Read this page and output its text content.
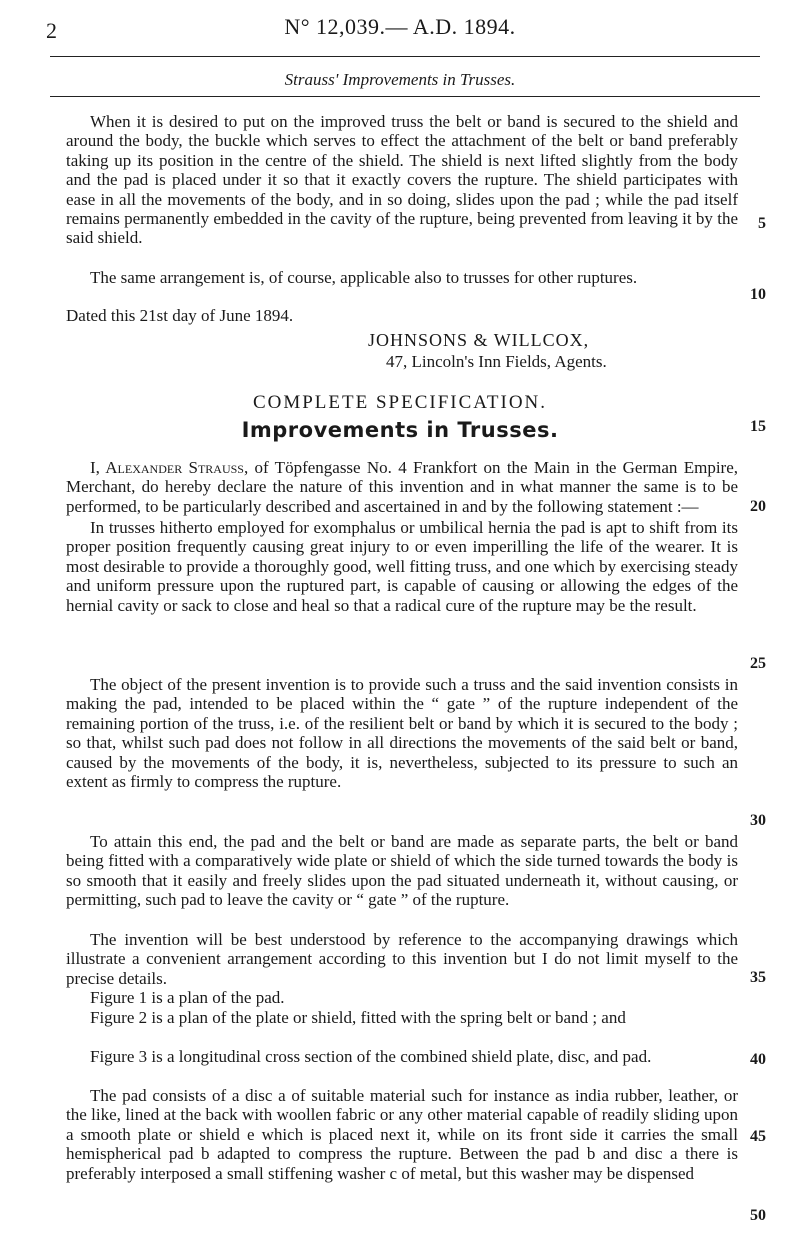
2	N° 12,039.— A.D. 1894.
Strauss' Improvements in Trusses.
When it is desired to put on the improved truss the belt or band is secured to the shield and around the body, the buckle which serves to effect the attachment of the belt or band preferably taking up its position in the centre of the shield. The shield is next lifted slightly from the body and the pad is placed under it so that it exactly covers the rupture. The shield participates with ease in all the movements of the body, and in so doing, slides upon the pad ; while the pad itself remains permanently embedded in the cavity of the rupture, being prevented from leaving it by the said shield.
The same arrangement is, of course, applicable also to trusses for other ruptures.
Dated this 21st day of June 1894.
JOHNSONS & WILLCOX,
47, Lincoln's Inn Fields, Agents.
COMPLETE SPECIFICATION.
Improvements in Trusses.
I, Alexander Strauss, of Töpfengasse No. 4 Frankfort on the Main in the German Empire, Merchant, do hereby declare the nature of this invention and in what manner the same is to be performed, to be particularly described and ascertained in and by the following statement :—
In trusses hitherto employed for exomphalus or umbilical hernia the pad is apt to shift from its proper position frequently causing great injury to or even imperilling the life of the wearer. It is most desirable to provide a thoroughly good, well fitting truss, and one which by exercising steady and uniform pressure upon the ruptured part, is capable of causing or allowing the edges of the hernial cavity or sack to close and heal so that a radical cure of the rupture may be the result.
The object of the present invention is to provide such a truss and the said invention consists in making the pad, intended to be placed within the “ gate ” of the rupture independent of the remaining portion of the truss, i.e. of the resilient belt or band by which it is secured to the body ; so that, whilst such pad does not follow in all directions the movements of the said belt or band, caused by the movements of the body, it is, nevertheless, subjected to its pressure to such an extent as firmly to compress the rupture.
To attain this end, the pad and the belt or band are made as separate parts, the belt or band being fitted with a comparatively wide plate or shield of which the side turned towards the body is so smooth that it easily and freely slides upon the pad situated underneath it, without causing, or permitting, such pad to leave the cavity or “ gate ” of the rupture.
The invention will be best understood by reference to the accompanying drawings which illustrate a convenient arrangement according to this invention but I do not limit myself to the precise details.
Figure 1 is a plan of the pad.
Figure 2 is a plan of the plate or shield, fitted with the spring belt or band ; and
Figure 3 is a longitudinal cross section of the combined shield plate, disc, and pad.
The pad consists of a disc a of suitable material such for instance as india rubber, leather, or the like, lined at the back with woollen fabric or any other material capable of readily sliding upon a smooth plate or shield e which is placed next it, while on its front side it carries the small hemispherical pad b adapted to compress the rupture. Between the pad b and disc a there is preferably interposed a small stiffening washer c of metal, but this washer may be dispensed
5
10
15
20
25
30
35
40
45
50
